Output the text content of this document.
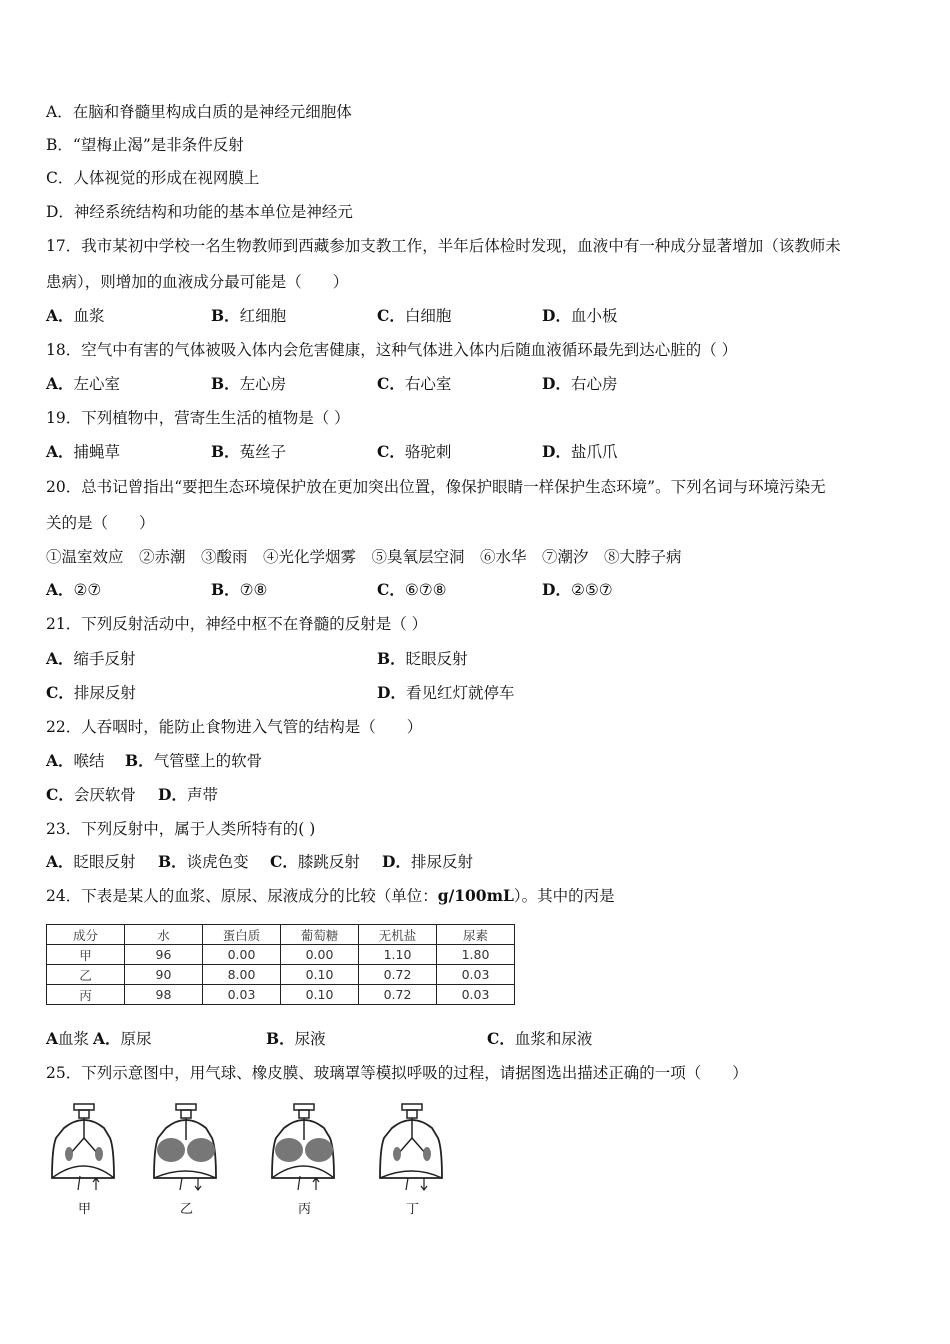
A．在脑和脊髓里构成白质的是神经元细胞体
B．“望梅止渴”是非条件反射
C．人体视觉的形成在视网膜上
D．神经系统结构和功能的基本单位是神经元
17．我市某初中学校一名生物教师到西藏参加支教工作，半年后体检时发现，血液中有一种成分显著增加（该教师未
患病），则增加的血液成分最可能是（　　）
A．血浆	B．红细胞	C．白细胞	D．血小板
18．空气中有害的气体被吸入体内会危害健康，这种气体进入体内后随血液循环最先到达心脏的（ ）
A．左心室	B．左心房	C．右心室	D．右心房
19．下列植物中，营寄生生活的植物是（ ）
A．捕蝇草	B．菟丝子	C．骆驼刺	D．盐爪爪
20．总书记曾指出“要把生态环境保护放在更加突出位置，像保护眼睛一样保护生态环境”。下列名词与环境污染无
关的是（　　）
①温室效应　②赤潮　③酸雨　④光化学烟雾　⑤臭氧层空洞　⑥水华　⑦潮汐　⑧大脖子病
A．②⑦	B．⑦⑧	C．⑥⑦⑧	D．②⑤⑦
21．下列反射活动中，神经中枢不在脊髓的反射是（ ）
A．缩手反射	B．眨眼反射
C．排尿反射	D．看见红灯就停车
22．人吞咽时，能防止食物进入气管的结构是（　　）
A．喉结 B．气管壁上的软骨
C．会厌软骨 D．声带
23．下列反射中，属于人类所特有的( )
A．眨眼反射 B．谈虎色变 C．膝跳反射 D．排尿反射
24．下表是某人的血浆、原尿、尿液成分的比较（单位：g/100mL）。其中的丙是
成分	水	蛋白质	葡萄糖	无机盐	尿素
甲	96	0.00	0.00	1.10	1.80
乙	90	8.00	0.10	0.72	0.03
丙	98	0.03	0.10	0.72	0.03
A血浆 A．原尿	B．尿液	C．血浆和尿液
25．下列示意图中，用气球、橡皮膜、玻璃罩等模拟呼吸的过程，请据图选出描述正确的一项（　　）
甲	乙	丙	丁
